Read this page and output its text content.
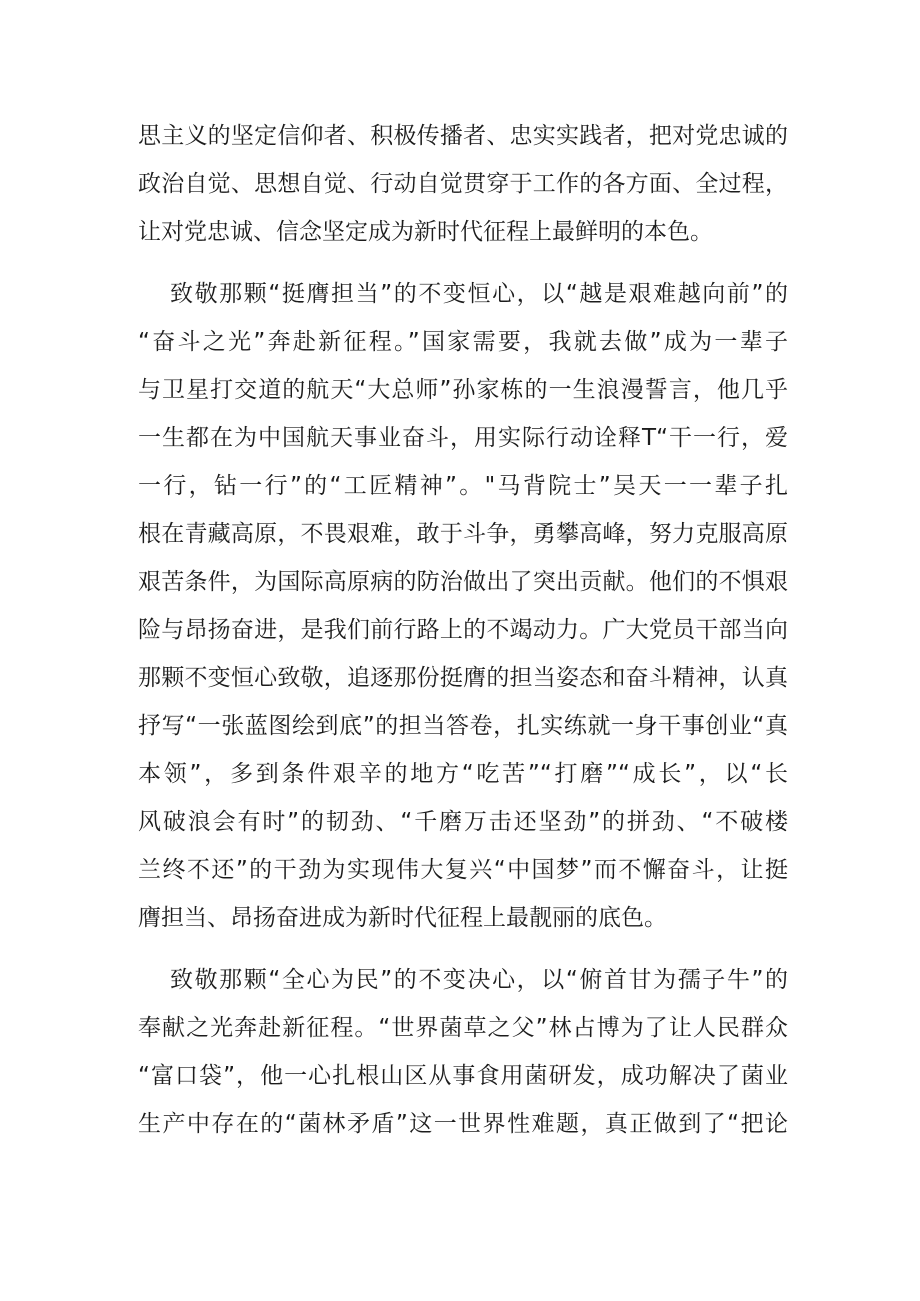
思主义的坚定信仰者、积极传播者、忠实实践者，把对党忠诚的
政治自觉、思想自觉、行动自觉贯穿于工作的各方面、全过程，
让对党忠诚、信念坚定成为新时代征程上最鲜明的本色。
致敬那颗“挺膺担当”的不变恒心，以“越是艰难越向前”的
“奋斗之光”奔赴新征程。”国家需要，我就去做”成为一辈子
与卫星打交道的航天“大总师”孙家栋的一生浪漫誓言，他几乎
一生都在为中国航天事业奋斗，用实际行动诠释T“干一行，爱
一行，钻一行”的“工匠精神”。"马背院士”吴天一一辈子扎
根在青藏高原，不畏艰难，敢于斗争，勇攀高峰，努力克服高原
艰苦条件，为国际高原病的防治做出了突出贡献。他们的不惧艰
险与昂扬奋进，是我们前行路上的不竭动力。广大党员干部当向
那颗不变恒心致敬，追逐那份挺膺的担当姿态和奋斗精神，认真
抒写“一张蓝图绘到底”的担当答卷，扎实练就一身干事创业“真
本领”，多到条件艰辛的地方“吃苦”“打磨”“成长”，以“长
风破浪会有时”的韧劲、“千磨万击还坚劲”的拼劲、“不破楼
兰终不还”的干劲为实现伟大复兴“中国梦”而不懈奋斗，让挺
膺担当、昂扬奋进成为新时代征程上最靓丽的底色。
致敬那颗“全心为民”的不变决心，以“俯首甘为孺子牛”的
奉献之光奔赴新征程。“世界菌草之父”林占博为了让人民群众
“富口袋”，他一心扎根山区从事食用菌研发，成功解决了菌业
生产中存在的“菌林矛盾”这一世界性难题，真正做到了“把论
